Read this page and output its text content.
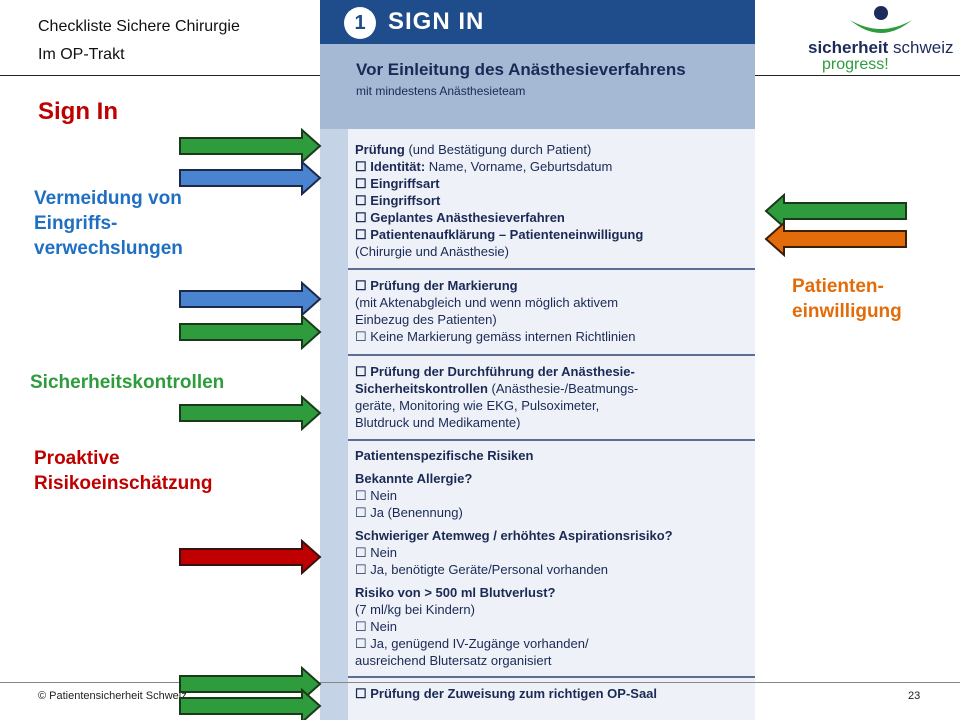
Checkliste Sichere Chirurgie
Im OP-Trakt	sicherheit schweiz
progress!
1 SIGN IN
Vor Einleitung des Anästhesieverfahrens
mit mindestens Anästhesieteam
Prüfung (und Bestätigung durch Patient)
☐ Identität: Name, Vorname, Geburtsdatum
☐ Eingriffsart
☐ Eingriffsort
☐ Geplantes Anästhesieverfahren
☐ Patientenaufklärung – Patienteneinwilligung
(Chirurgie und Anästhesie)
☐ Prüfung der Markierung
(mit Aktenabgleich und wenn möglich aktivem
Einbezug des Patienten)
☐ Keine Markierung gemäss internen Richtlinien
☐ Prüfung der Durchführung der Anästhesie-
Sicherheitskontrollen (Anästhesie-/Beatmungs-
geräte, Monitoring wie EKG, Pulsoximeter,
Blutdruck und Medikamente)
Patientenspezifische Risiken
Bekannte Allergie?
☐ Nein
☐ Ja (Benennung)
Schwieriger Atemweg / erhöhtes Aspirationsrisiko?
☐ Nein
☐ Ja, benötigte Geräte/Personal vorhanden
Risiko von > 500 ml Blutverlust?
(7 ml/kg bei Kindern)
☐ Nein
☐ Ja, genügend IV-Zugänge vorhanden/
ausreichend Blutersatz organisiert
☐ Prüfung der Zuweisung zum richtigen OP-Saal
© Patientensicherheit Schweiz	23
Sign In
Vermeidung von
Eingriffs-
verwechslungen
Sicherheitskontrollen
Proaktive
Risikoeinschätzung
Patienten-
einwilligung
